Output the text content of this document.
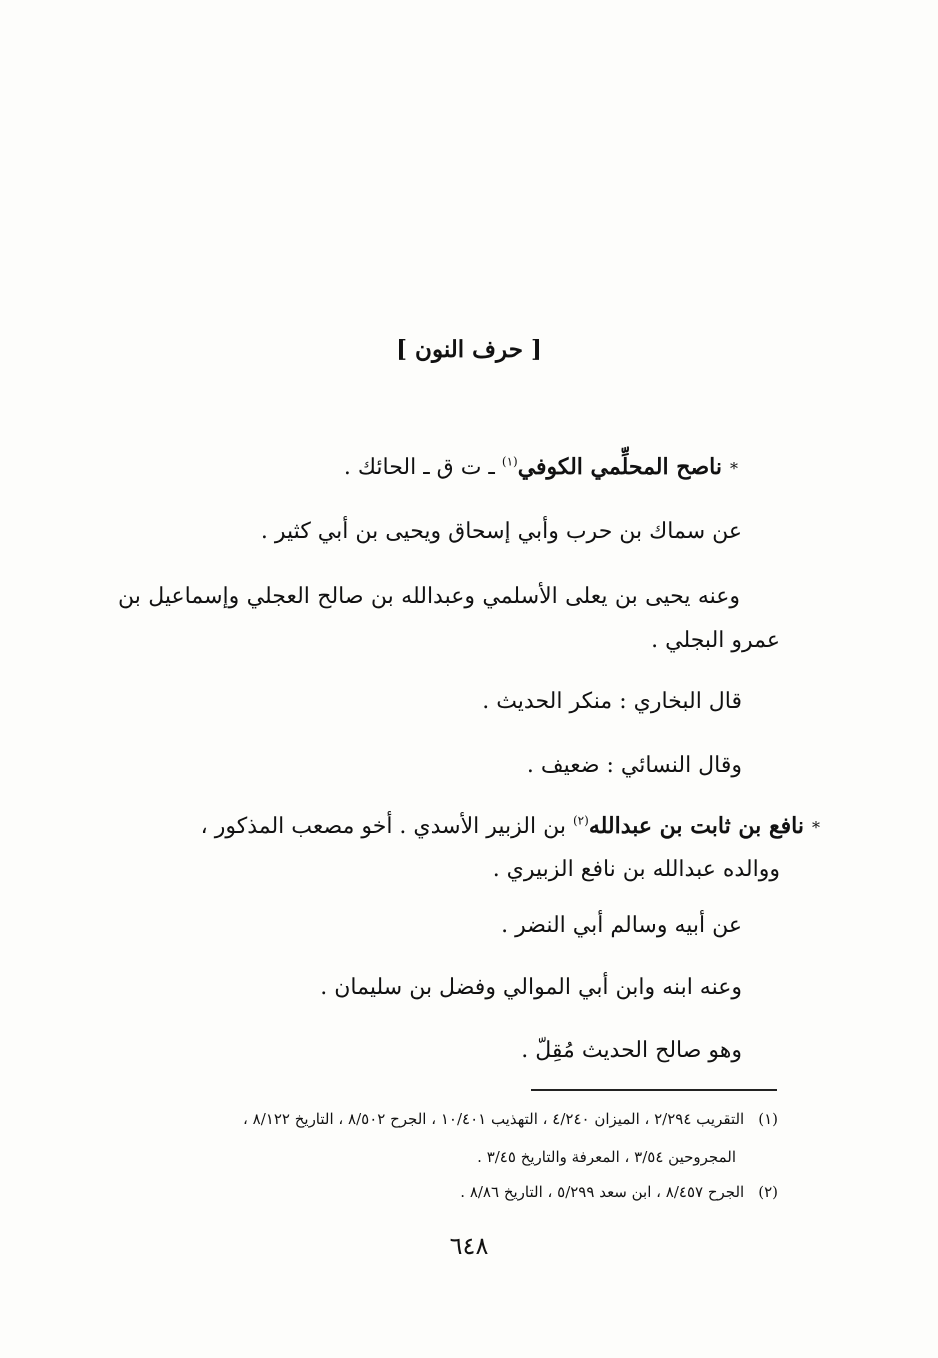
[ حرف النون ]
*ناصح المحلِّمي الكوفي$^{(١)}$ ـ ت ق ـ الحائك .
عن سماك بن حرب وأبي إسحاق ويحيى بن أبي كثير .
وعنه يحيى بن يعلى الأسلمي وعبدالله بن صالح العجلي وإسماعيل بن
عمرو البجلي .
قال البخاري : منكر الحديث .
وقال النسائي : ضعيف .
*نافع بن ثابت بن عبدالله$^{(٢)}$ بن الزبير الأسدي . أخو مصعب المذكور ،
ووالده عبدالله بن نافع الزبيري .
عن أبيه وسالم أبي النضر .
وعنه ابنه وابن أبي الموالي وفضل بن سليمان .
وهو صالح الحديث مُقِلّ .
(١)التقريب ٢/٢٩٤ ، الميزان ٤/٢٤٠ ، التهذيب ١٠/٤٠١ ، الجرح ٨/٥٠٢ ، التاريخ ٨/١٢٢ ،
المجروحين ٣/٥٤ ، المعرفة والتاريخ ٣/٤٥ .
(٢)الجرح ٨/٤٥٧ ، ابن سعد ٥/٢٩٩ ، التاريخ ٨/٨٦ .
٦٤٨
